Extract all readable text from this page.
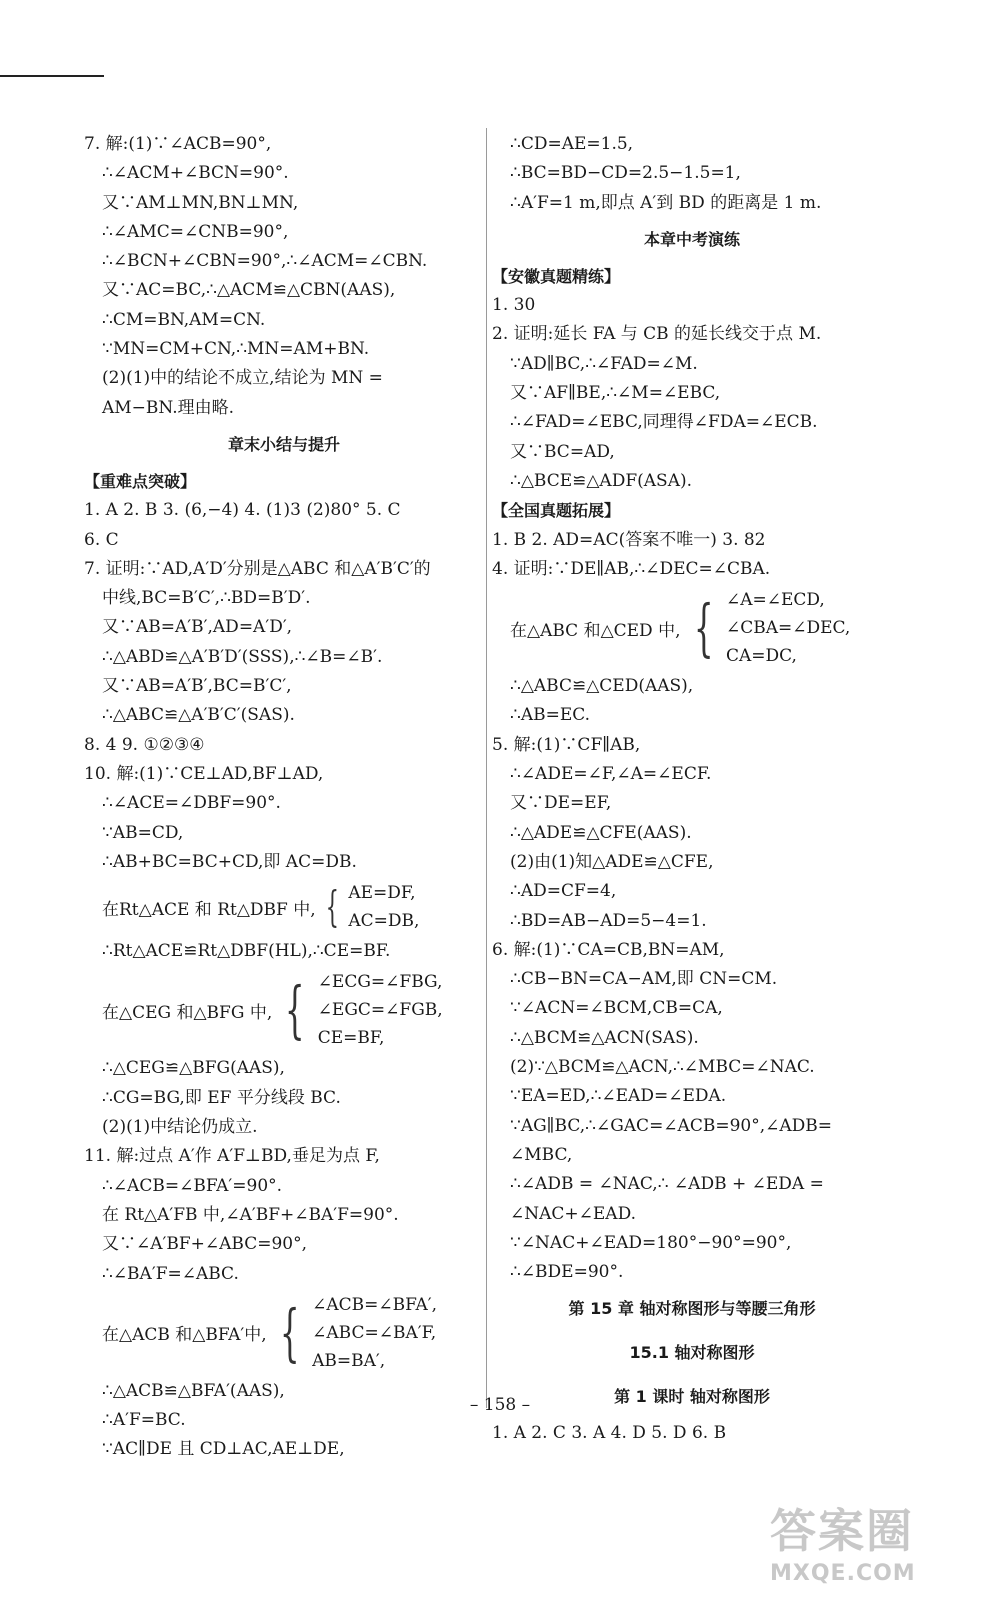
7. 解:(1)∵∠ACB=90°,
∴∠ACM+∠BCN=90°.
又∵AM⊥MN,BN⊥MN,
∴∠AMC=∠CNB=90°,
∴∠BCN+∠CBN=90°,∴∠ACM=∠CBN.
又∵AC=BC,∴△ACM≌△CBN(AAS),
∴CM=BN,AM=CN.
∵MN=CM+CN,∴MN=AM+BN.
(2)(1)中的结论不成立,结论为 MN =
AM−BN.理由略.
章末小结与提升
【重难点突破】
1. A 2. B 3. (6,−4) 4. (1)3 (2)80° 5. C
6. C
7. 证明:∵AD,A′D′分别是△ABC 和△A′B′C′的
中线,BC=B′C′,∴BD=B′D′.
又∵AB=A′B′,AD=A′D′,
∴△ABD≌△A′B′D′(SSS),∴∠B=∠B′.
又∵AB=A′B′,BC=B′C′,
∴△ABC≌△A′B′C′(SAS).
8. 4 9. ①②③④
10. 解:(1)∵CE⊥AD,BF⊥AD,
∴∠ACE=∠DBF=90°.
∵AB=CD,
∴AB+BC=BC+CD,即 AC=DB.
在Rt△ACE 和 Rt△DBF 中, { AE=DF,
AC=DB,
∴Rt△ACE≌Rt△DBF(HL),∴CE=BF.
在△CEG 和△BFG 中, { ∠ECG=∠FBG,
∠EGC=∠FGB,
CE=BF,
∴△CEG≌△BFG(AAS),
∴CG=BG,即 EF 平分线段 BC.
(2)(1)中结论仍成立.
11. 解:过点 A′作 A′F⊥BD,垂足为点 F,
∴∠ACB=∠BFA′=90°.
在 Rt△A′FB 中,∠A′BF+∠BA′F=90°.
又∵∠A′BF+∠ABC=90°,
∴∠BA′F=∠ABC.
在△ACB 和△BFA′中, { ∠ACB=∠BFA′,
∠ABC=∠BA′F,
AB=BA′,
∴△ACB≌△BFA′(AAS),
∴A′F=BC.
∵AC∥DE 且 CD⊥AC,AE⊥DE,
∴CD=AE=1.5,
∴BC=BD−CD=2.5−1.5=1,
∴A′F=1 m,即点 A′到 BD 的距离是 1 m.
本章中考演练
【安徽真题精练】
1. 30
2. 证明:延长 FA 与 CB 的延长线交于点 M.
∵AD∥BC,∴∠FAD=∠M.
又∵AF∥BE,∴∠M=∠EBC,
∴∠FAD=∠EBC,同理得∠FDA=∠ECB.
又∵BC=AD,
∴△BCE≌△ADF(ASA).
【全国真题拓展】
1. B 2. AD=AC(答案不唯一) 3. 82
4. 证明:∵DE∥AB,∴∠DEC=∠CBA.
在△ABC 和△CED 中, { ∠A=∠ECD,
∠CBA=∠DEC,
CA=DC,
∴△ABC≌△CED(AAS),
∴AB=EC.
5. 解:(1)∵CF∥AB,
∴∠ADE=∠F,∠A=∠ECF.
又∵DE=EF,
∴△ADE≌△CFE(AAS).
(2)由(1)知△ADE≌△CFE,
∴AD=CF=4,
∴BD=AB−AD=5−4=1.
6. 解:(1)∵CA=CB,BN=AM,
∴CB−BN=CA−AM,即 CN=CM.
∵∠ACN=∠BCM,CB=CA,
∴△BCM≌△ACN(SAS).
(2)∵△BCM≌△ACN,∴∠MBC=∠NAC.
∵EA=ED,∴∠EAD=∠EDA.
∵AG∥BC,∴∠GAC=∠ACB=90°,∠ADB=
∠MBC,
∴∠ADB = ∠NAC,∴ ∠ADB + ∠EDA =
∠NAC+∠EAD.
∵∠NAC+∠EAD=180°−90°=90°,
∴∠BDE=90°.
第 15 章 轴对称图形与等腰三角形
15.1 轴对称图形
第 1 课时 轴对称图形
1. A 2. C 3. A 4. D 5. D 6. B
– 158 –
答案圈
MXQE.COM
